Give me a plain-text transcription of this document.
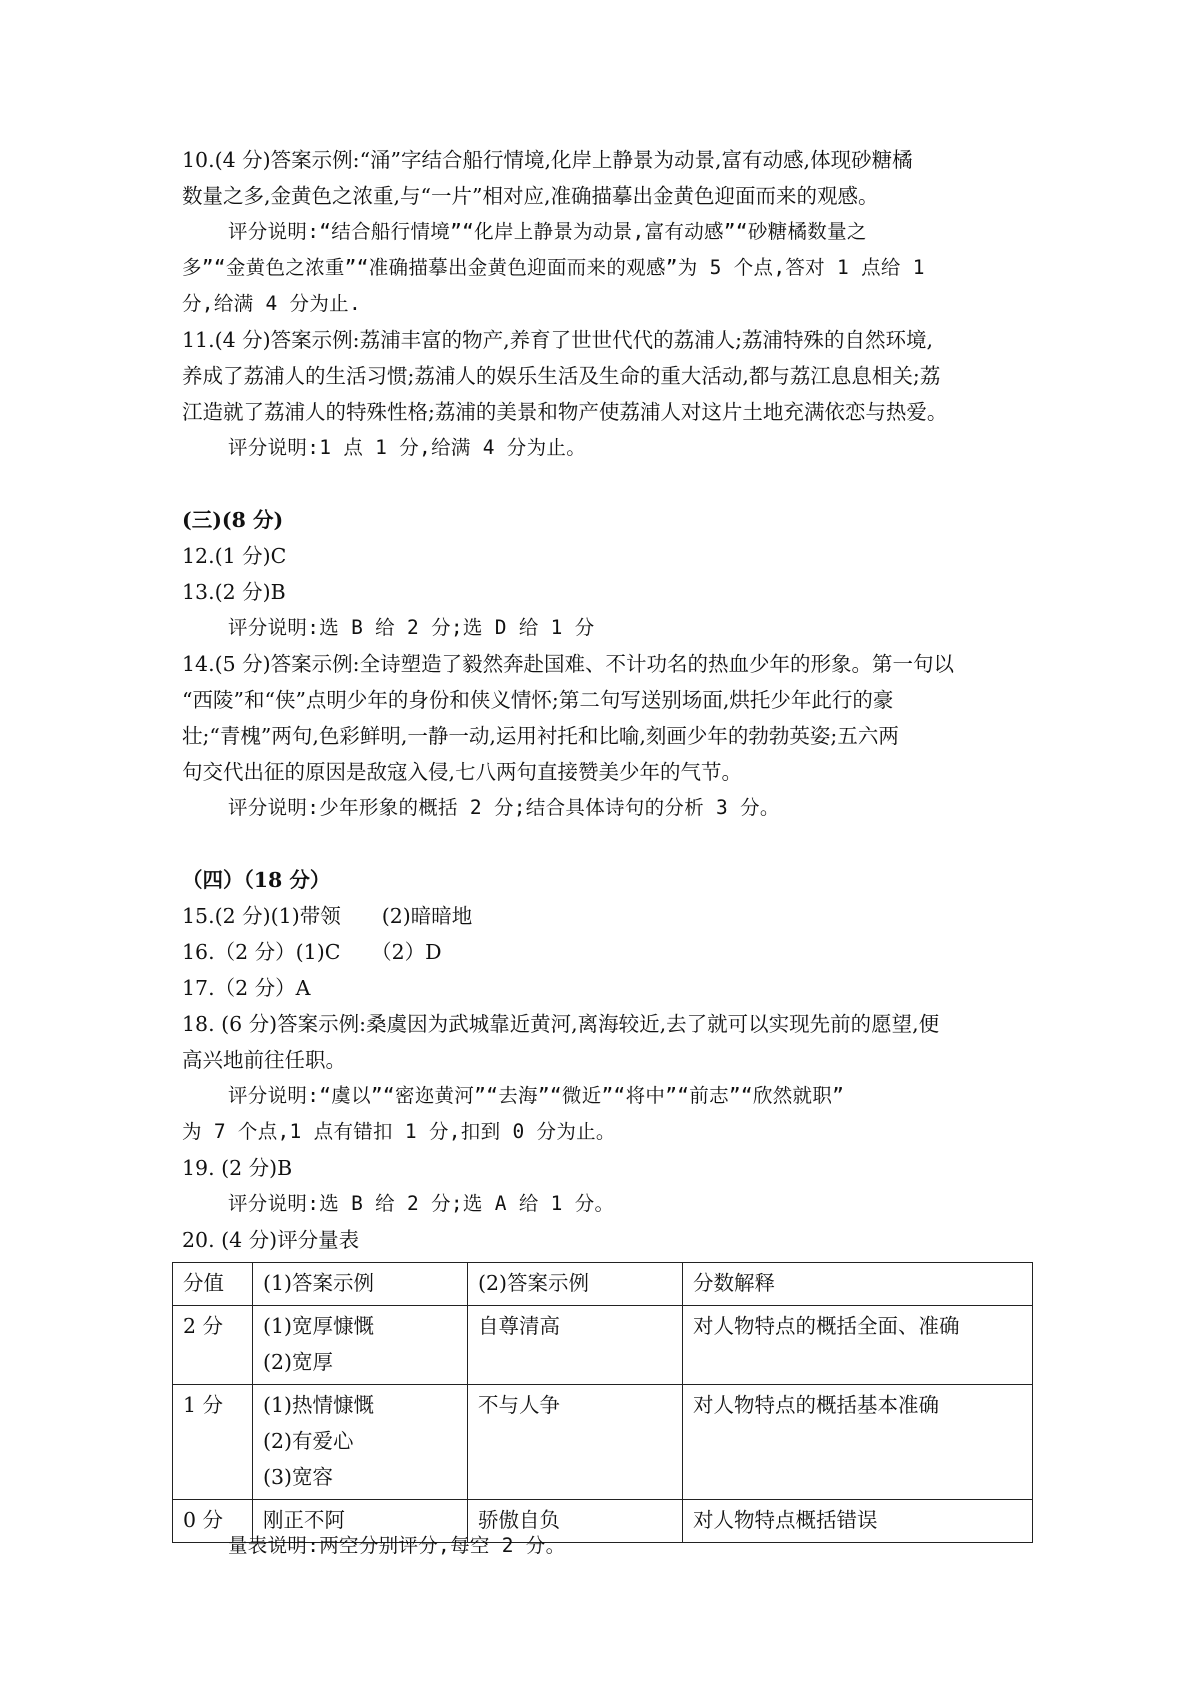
10.(4 分)答案示例:“涌”字结合船行情境,化岸上静景为动景,富有动感,体现砂糖橘
数量之多,金黄色之浓重,与“一片”相对应,准确描摹出金黄色迎面而来的观感。
评分说明:“结合船行情境”“化岸上静景为动景,富有动感”“砂糖橘数量之
多”“金黄色之浓重”“准确描摹出金黄色迎面而来的观感”为 5 个点,答对 1 点给 1
分,给满 4 分为止.
11.(4 分)答案示例:荔浦丰富的物产,养育了世世代代的荔浦人;荔浦特殊的自然环境,
养成了荔浦人的生活习惯;荔浦人的娱乐生活及生命的重大活动,都与荔江息息相关;荔
江造就了荔浦人的特殊性格;荔浦的美景和物产使荔浦人对这片土地充满依恋与热爱。
评分说明:1 点 1 分,给满 4 分为止。
(三)(8 分)
12.(1 分)C
13.(2 分)B
评分说明:选 B 给 2 分;选 D 给 1 分
14.(5 分)答案示例:全诗塑造了毅然奔赴国难、不计功名的热血少年的形象。第一句以
“西陵”和“侠”点明少年的身份和侠义情怀;第二句写送别场面,烘托少年此行的豪
壮;“青槐”两句,色彩鲜明,一静一动,运用衬托和比喻,刻画少年的勃勃英姿;五六两
句交代出征的原因是敌寇入侵,七八两句直接赞美少年的气节。
评分说明:少年形象的概括 2 分;结合具体诗句的分析 3 分。
（四）（18 分）
15.(2 分)(1)带领　　(2)暗暗地
16.（2 分）(1)C　　（2）D
17.（2 分）A
18. (6 分)答案示例:桑虞因为武城靠近黄河,离海较近,去了就可以实现先前的愿望,便
高兴地前往任职。
评分说明:“虞以”“密迩黄河”“去海”“微近”“将中”“前志”“欣然就职”
为 7 个点,1 点有错扣 1 分,扣到 0 分为止。
19. (2 分)B
评分说明:选 B 给 2 分;选 A 给 1 分。
20. (4 分)评分量表
分值	(1)答案示例	(2)答案示例	分数解释
2 分	(1)宽厚慷慨
(2)宽厚	自尊清高	对人物特点的概括全面、准确
1 分	(1)热情慷慨
(2)有爱心
(3)宽容	不与人争	对人物特点的概括基本准确
0 分	刚正不阿	骄傲自负	对人物特点概括错误
量表说明:两空分别评分,每空 2 分。
